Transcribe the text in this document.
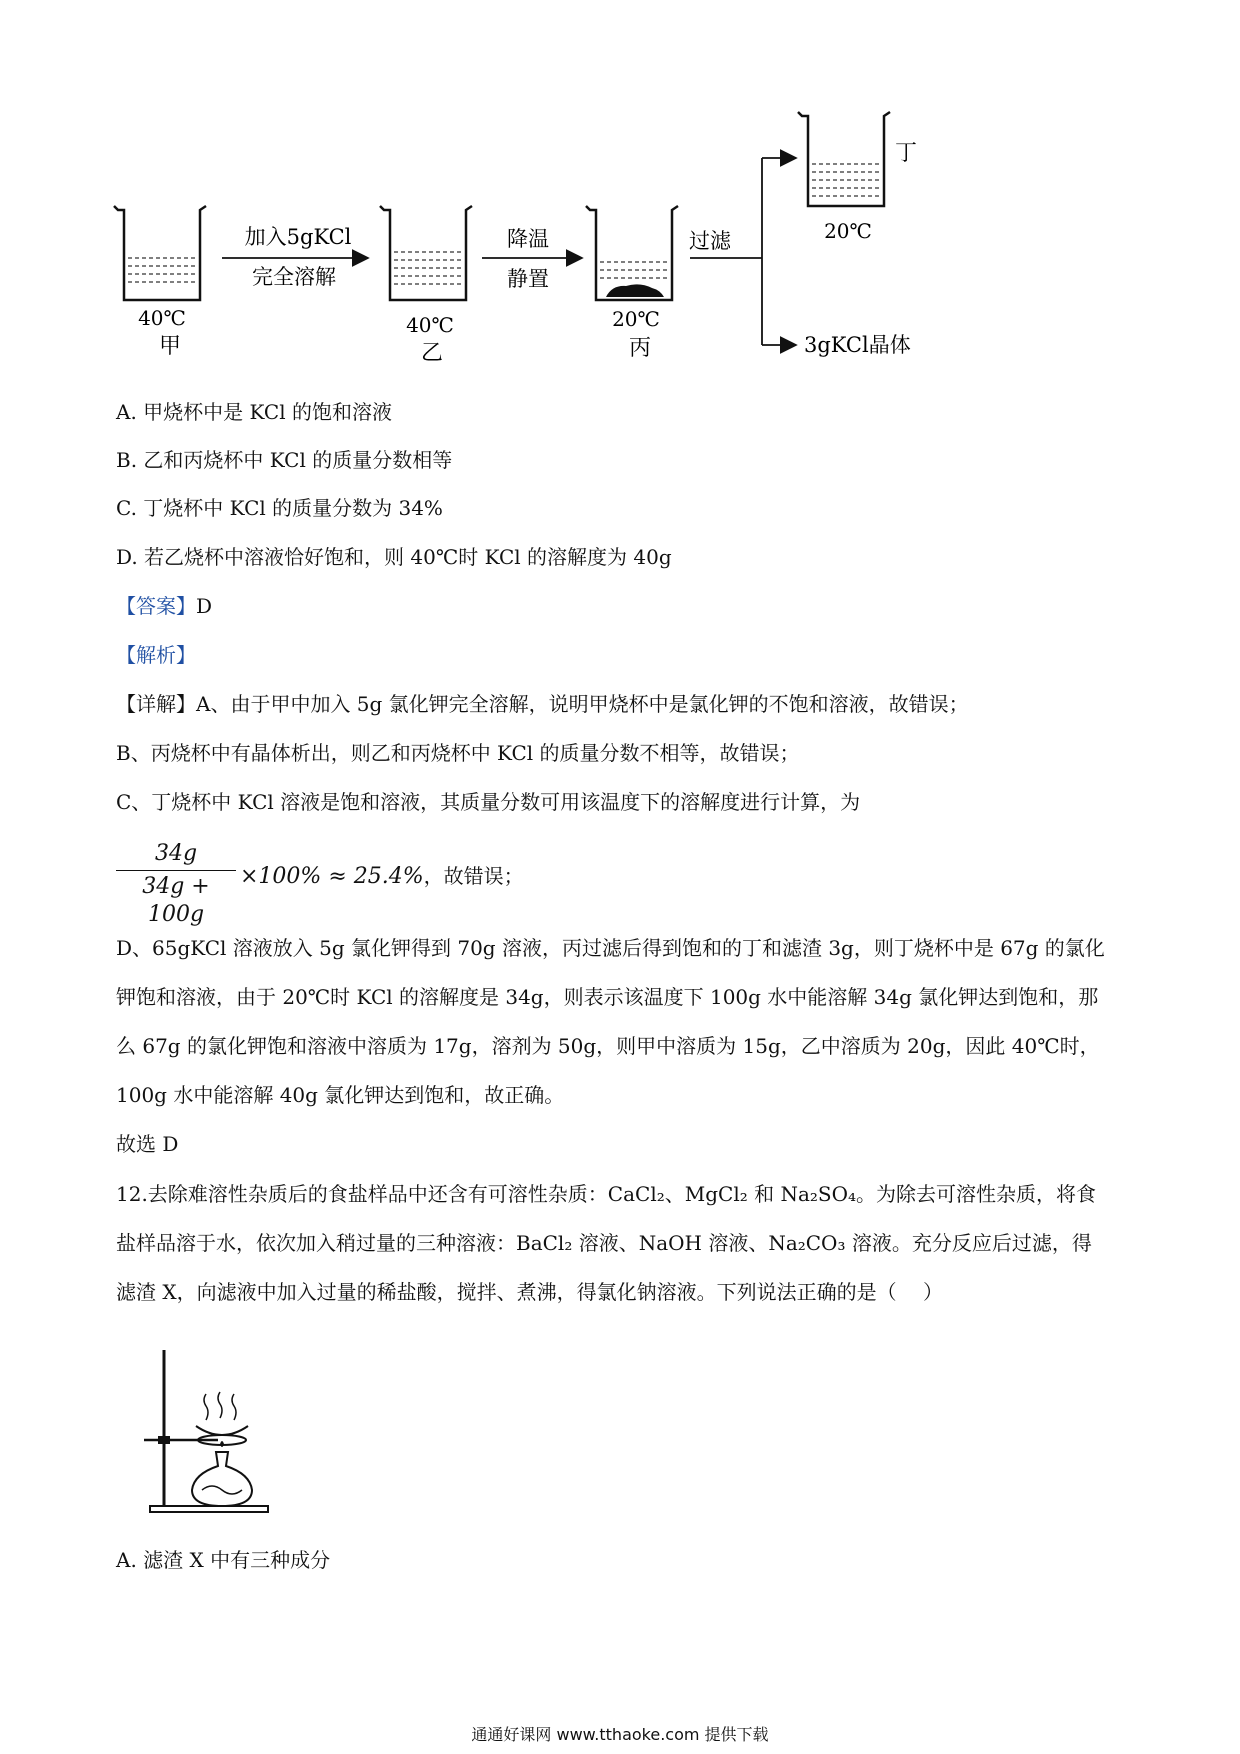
40℃
甲
加入5gKCl
完全溶解
40℃
乙
降温
静置
20℃
丙
过滤
丁
20℃
3gKCl晶体
A. 甲烧杯中是 KCl 的饱和溶液
B. 乙和丙烧杯中 KCl 的质量分数相等
C. 丁烧杯中 KCl 的质量分数为 34%
D. 若乙烧杯中溶液恰好饱和，则 40℃时 KCl 的溶解度为 40g
【答案】D
【解析】
【详解】A、由于甲中加入 5g 氯化钾完全溶解，说明甲烧杯中是氯化钾的不饱和溶液，故错误；
B、丙烧杯中有晶体析出，则乙和丙烧杯中 KCl 的质量分数不相等，故错误；
C、丁烧杯中 KCl 溶液是饱和溶液，其质量分数可用该温度下的溶解度进行计算，为
34g
34g + 100g
×100% ≈ 25.4%，故错误；
D、65gKCl 溶液放入 5g 氯化钾得到 70g 溶液，丙过滤后得到饱和的丁和滤渣 3g，则丁烧杯中是 67g 的氯化
钾饱和溶液，由于 20℃时 KCl 的溶解度是 34g，则表示该温度下 100g 水中能溶解 34g 氯化钾达到饱和，那
么 67g 的氯化钾饱和溶液中溶质为 17g，溶剂为 50g，则甲中溶质为 15g，乙中溶质为 20g，因此 40℃时，
100g 水中能溶解 40g 氯化钾达到饱和，故正确。
故选 D
12.去除难溶性杂质后的食盐样品中还含有可溶性杂质：CaCl₂、MgCl₂ 和 Na₂SO₄。为除去可溶性杂质，将食
盐样品溶于水，依次加入稍过量的三种溶液：BaCl₂ 溶液、NaOH 溶液、Na₂CO₃ 溶液。充分反应后过滤，得
滤渣 X，向滤液中加入过量的稀盐酸，搅拌、煮沸，得氯化钠溶液。下列说法正确的是（　 ）
A. 滤渣 X 中有三种成分
通通好课网 www.tthaoke.com 提供下载
